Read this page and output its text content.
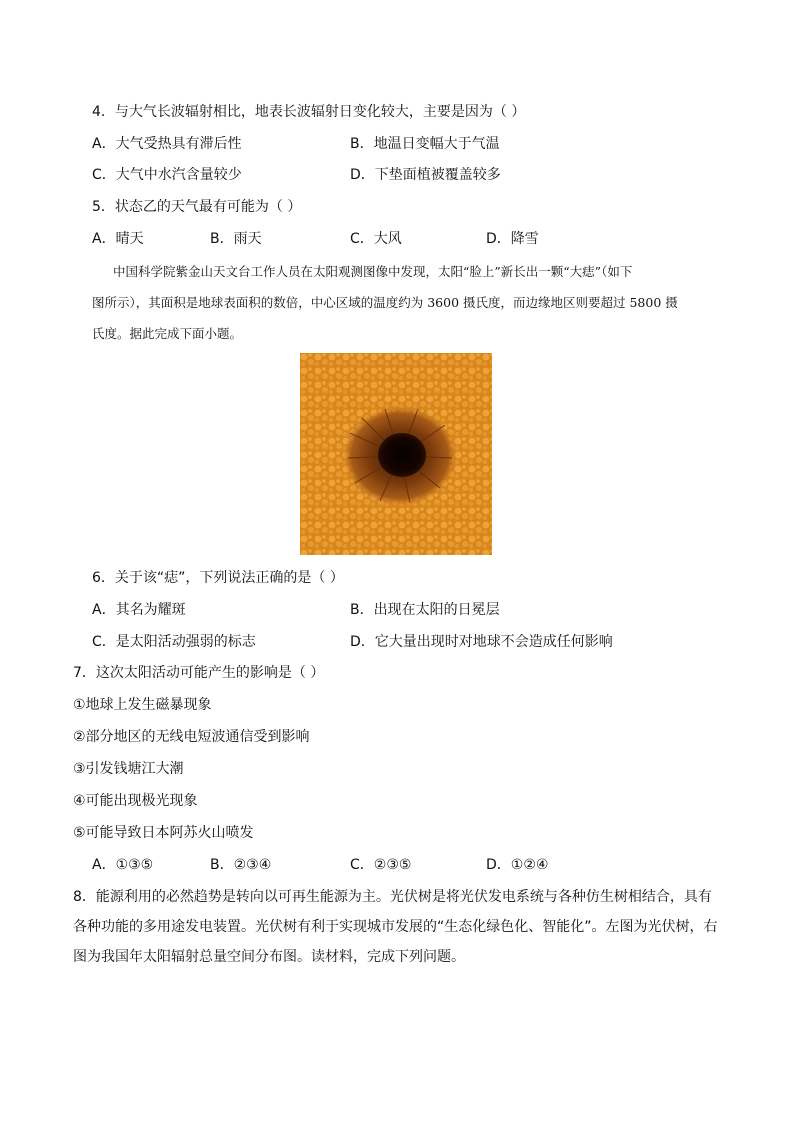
4．与大气长波辐射相比，地表长波辐射日变化较大，主要是因为（ ）
A．大气受热具有滞后性	B．地温日变幅大于气温
C．大气中水汽含量较少	D．下垫面植被覆盖较多
5．状态乙的天气最有可能为（ ）
A．晴天	B．雨天	C．大风	D．降雪
中国科学院紫金山天文台工作人员在太阳观测图像中发现，太阳“脸上”新长出一颗“大痣”（如下
图所示），其面积是地球表面积的数倍，中心区域的温度约为 3600 摄氏度，而边缘地区则要超过 5800 摄
氏度。据此完成下面小题。
6．关于该“痣”，下列说法正确的是（ ）
A．其名为耀斑	B．出现在太阳的日冕层
C．是太阳活动强弱的标志	D．它大量出现时对地球不会造成任何影响
7．这次太阳活动可能产生的影响是（ ）
①地球上发生磁暴现象
②部分地区的无线电短波通信受到影响
③引发钱塘江大潮
④可能出现极光现象
⑤可能导致日本阿苏火山喷发
A．①③⑤	B．②③④	C．②③⑤	D．①②④
8．能源利用的必然趋势是转向以可再生能源为主。光伏树是将光伏发电系统与各种仿生树相结合，具有各种功能的多用途发电装置。光伏树有利于实现城市发展的“生态化绿色化、智能化”。左图为光伏树，右图为我国年太阳辐射总量空间分布图。读材料，完成下列问题。
